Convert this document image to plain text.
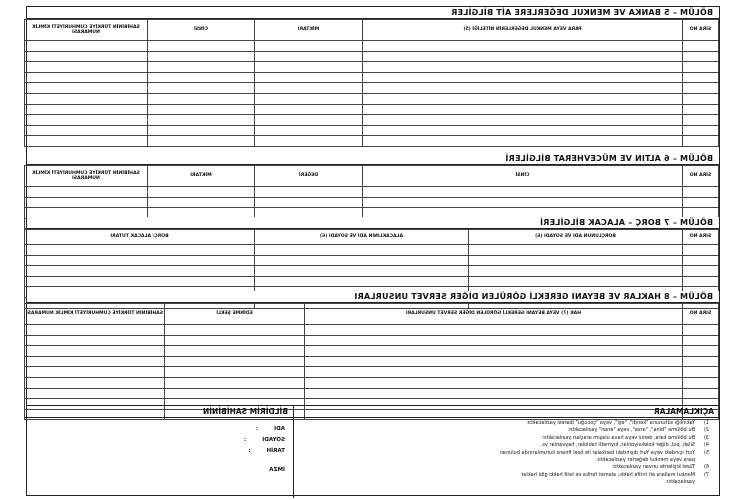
BÖLÜM – 5 BANKA VE MENKUL DEĞERLERE AİT BİLGİLER
SIRA NO	PARA VEYA MENKUL DEĞERLERİN NİTELİĞİ (5)	MİKTARI	CİNSİ	SAHİBİNİN TÜRKİYE CUMHURİYETİ KİMLİK NUMARASI

BÖLÜM – 6 ALTIN VE MÜCEVHERAT BİLGİLERİ
SIRA NO	CİNSİ	DEĞERİ	MİKTARI	SAHİBİNİN TÜRKİYE CUMHURİYETİ KİMLİK NUMARASI

BÖLÜM – 7 BORÇ – ALACAK BİLGİLERİ
SIRA NO	BORÇLUNUN ADI VE SOYADI (6)	ALACAKLININ ADI VE SOYADI (6)	BORÇ/ ALACAK TUTARI

BÖLÜM – 8 HAKLAR VE BEYANI GEREKLİ GÖRÜLEN DİĞER SERVET UNSURLARI
SIRA NO	HAK (7) VEYA BEYANI GEREKLİ GÖRÜLEN DİĞER SERVET UNSURLARI	EDİNME ŞEKLİ	SAHİBİNİN TÜRKİYE CUMHURİYETİ KİMLİK NUMARASI

AÇIKLAMALAR
1)Yakınlığı sütununa "kendi", "eşi", veya "çocuğu" ibaresi yazılacaktır.
2)Bu bölüme "bina", "arsa", veya "arazi" yazılacaktır.
3)Bu bölüme kara, deniz veya hava ulaşım araçları yazılacaktır.
4)Silah, pul, diğer koleksiyonlar, kıymetli tablolar, hayvanlar vs.
5)Yurt içindeki veya Yurt dışındaki bankalar ile özel finans kurumlarında bulunan
para veya menkul değerler yazılacaktır.
6)Tüzel kişilerde unvan yazılacaktır.
7)Menkul mallara ait intifa hakkı, alamet farika ve telif hakkı gibi haklar
yazılacaktır.
BİLDİRİM SAHİBİNİN
ADI:
SOYADI:
TARİH:
İMZA
